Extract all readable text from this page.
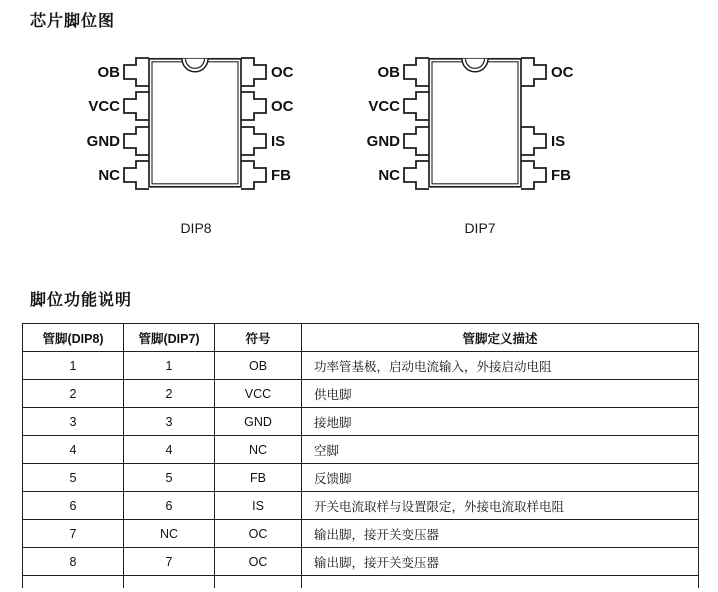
芯片脚位图
OB
VCC
GND
NC
OC
OC
IS
FB
OB
VCC
GND
NC
OC
IS
FB
DIP8	DIP7
脚位功能说明
管脚(DIP8)	管脚(DIP7)	符号	管脚定义描述
1	1	OB	功率管基极，启动电流输入，外接启动电阻
2	2	VCC	供电脚
3	3	GND	接地脚
4	4	NC	空脚
5	5	FB	反馈脚
6	6	IS	开关电流取样与设置限定，外接电流取样电阻
7	NC	OC	输出脚，接开关变压器
8	7	OC	输出脚，接开关变压器
